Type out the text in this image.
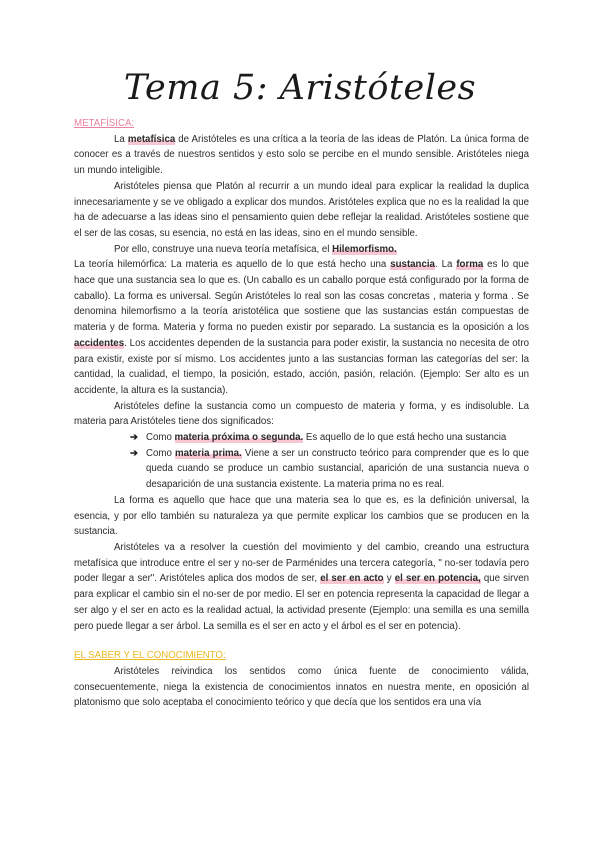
Tema 5: Aristóteles

METAFÍSICA:

La metafísica de Aristóteles es una crítica a la teoría de las ideas de Platón. La única forma de conocer es a través de nuestros sentidos y esto solo se percibe en el mundo sensible. Aristóteles niega un mundo inteligible.

Aristóteles piensa que Platón al recurrir a un mundo ideal para explicar la realidad la duplica innecesariamente y se ve obligado a explicar dos mundos. Aristóteles explica que no es la realidad la que ha de adecuarse a las ideas sino el pensamiento quien debe reflejar la realidad. Aristóteles sostiene que el ser de las cosas, su esencia, no está en las ideas, sino en el mundo sensible.

Por ello, construye una nueva teoría metafísica, el Hilemorfismo.

La teoría hilemórfica: La materia es aquello de lo que está hecho una sustancia. La forma es lo que hace que una sustancia sea lo que es. (Un caballo es un caballo porque está configurado por la forma de caballo). La forma es universal. Según Aristóteles lo real son las cosas concretas , materia y forma . Se denomina hilemorfismo a la teoría aristotélica que sostiene que las sustancias están compuestas de materia y de forma. Materia y forma no pueden existir por separado. La sustancia es la oposición a los accidentes. Los accidentes dependen de la sustancia para poder existir, la sustancia no necesita de otro para existir, existe por sí mismo. Los accidentes junto a las sustancias forman las categorías del ser: la cantidad, la cualidad, el tiempo, la posición, estado, acción, pasión, relación. (Ejemplo: Ser alto es un accidente, la altura es la sustancia).

Aristóteles define la sustancia como un compuesto de materia y forma, y es indisoluble. La materia para Aristóteles tiene dos significados:

➔ Como materia próxima o segunda. Es aquello de lo que está hecho una sustancia
➔ Como materia prima. Viene a ser un constructo teórico para comprender que es lo que queda cuando se produce un cambio sustancial, aparición de una sustancia nueva o desaparición de una sustancia existente. La materia prima no es real.

La forma es aquello que hace que una materia sea lo que es, es la definición universal, la esencia, y por ello también su naturaleza ya que permite explicar los cambios que se producen en la sustancia.

Aristóteles va a resolver la cuestión del movimiento y del cambio, creando una estructura metafísica que introduce entre el ser y no-ser de Parménides una tercera categoría, " no-ser todavía pero poder llegar a ser". Aristóteles aplica dos modos de ser, el ser en acto y el ser en potencia, que sirven para explicar el cambio sin el no-ser de por medio. El ser en potencia representa la capacidad de llegar a ser algo y el ser en acto es la realidad actual, la actividad presente (Ejemplo: una semilla es una semilla pero puede llegar a ser árbol. La semilla es el ser en acto y el árbol es el ser en potencia).

EL SABER Y EL CONOCIMIENTO:

Aristóteles reivindica los sentidos como única fuente de conocimiento válida, consecuentemente, niega la existencia de conocimientos innatos en nuestra mente, en oposición al platonismo que solo aceptaba el conocimiento teórico y que decía que los sentidos era una vía
